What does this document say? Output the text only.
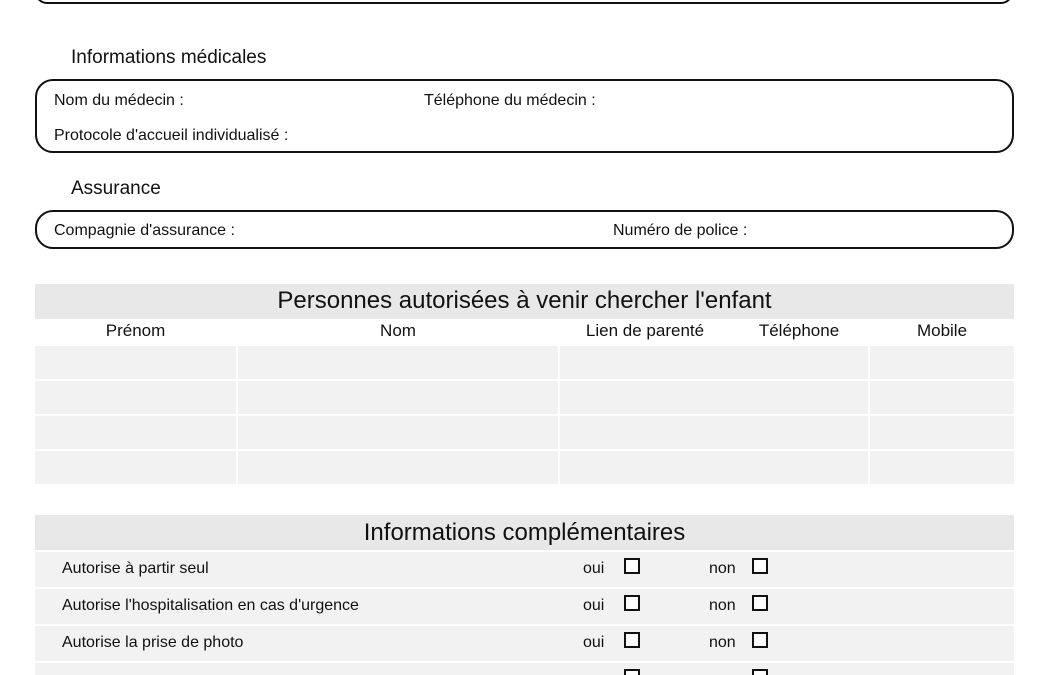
Informations médicales
Nom du médecin :	Téléphone du médecin :
Protocole d'accueil individualisé :
Assurance
Compagnie d'assurance :	Numéro de police :
Personnes autorisées à venir chercher l'enfant
Prénom	Nom	Lien de parenté	Téléphone	Mobile
Informations complémentaires
Autorise à partir seul	oui	non
Autorise l'hospitalisation en cas d'urgence	oui	non
Autorise la prise de photo	oui	non
